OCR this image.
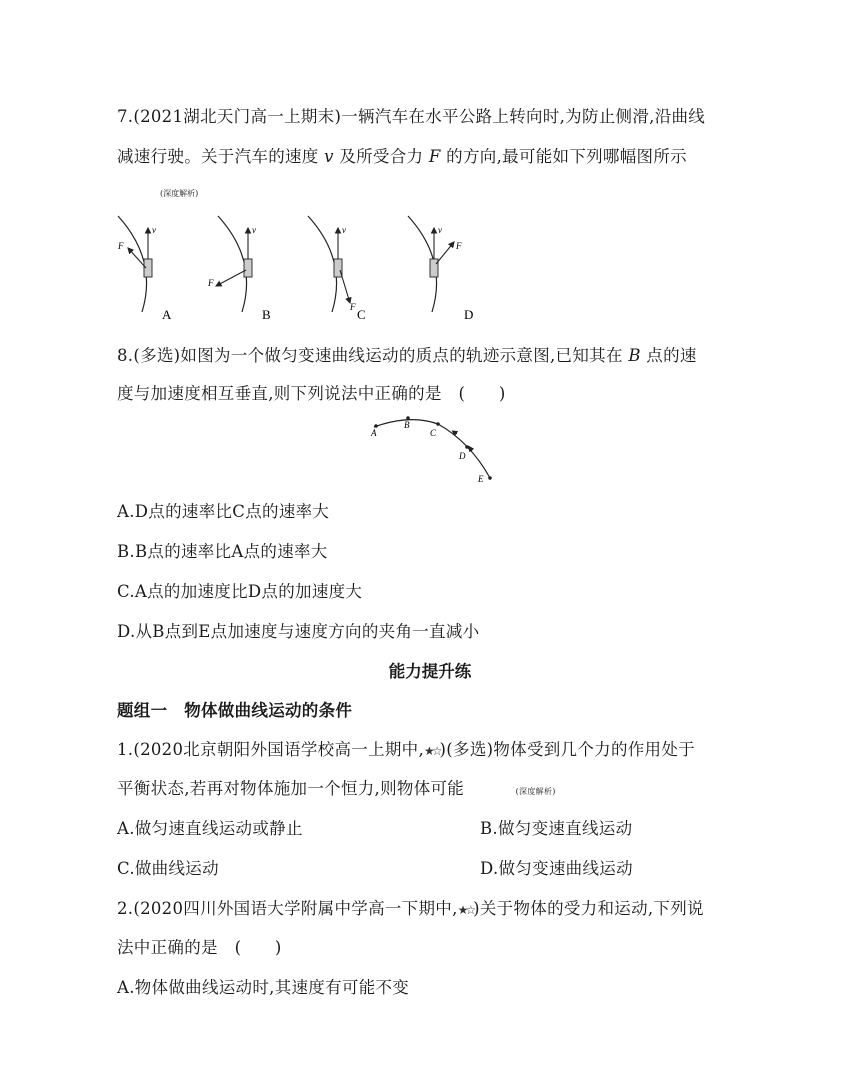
7.(2021湖北天门高一上期末)一辆汽车在水平公路上转向时,为防止侧滑,沿曲线
减速行驶。关于汽车的速度 v 及所受合力 F 的方向,最可能如下列哪幅图所示
(深度解析)
v
F
A
v
F
B
v
F C
v
F
D
8.(多选)如图为一个做匀变速曲线运动的质点的轨迹示意图,已知其在 B 点的速
度与加速度相互垂直,则下列说法中正确的是　(　　)
A
B
C
D
E
A.D点的速率比C点的速率大
B.B点的速率比A点的速率大
C.A点的加速度比D点的加速度大
D.从B点到E点加速度与速度方向的夹角一直减小
能力提升练
题组一　物体做曲线运动的条件
1.(2020北京朝阳外国语学校高一上期中,★☆)(多选)物体受到几个力的作用处于
平衡状态,若再对物体施加一个恒力,则物体可能	(深度解析)
A.做匀速直线运动或静止	B.做匀变速直线运动
C.做曲线运动	D.做匀变速曲线运动
2.(2020四川外国语大学附属中学高一下期中,★☆)关于物体的受力和运动,下列说
法中正确的是　(　　)
A.物体做曲线运动时,其速度有可能不变
